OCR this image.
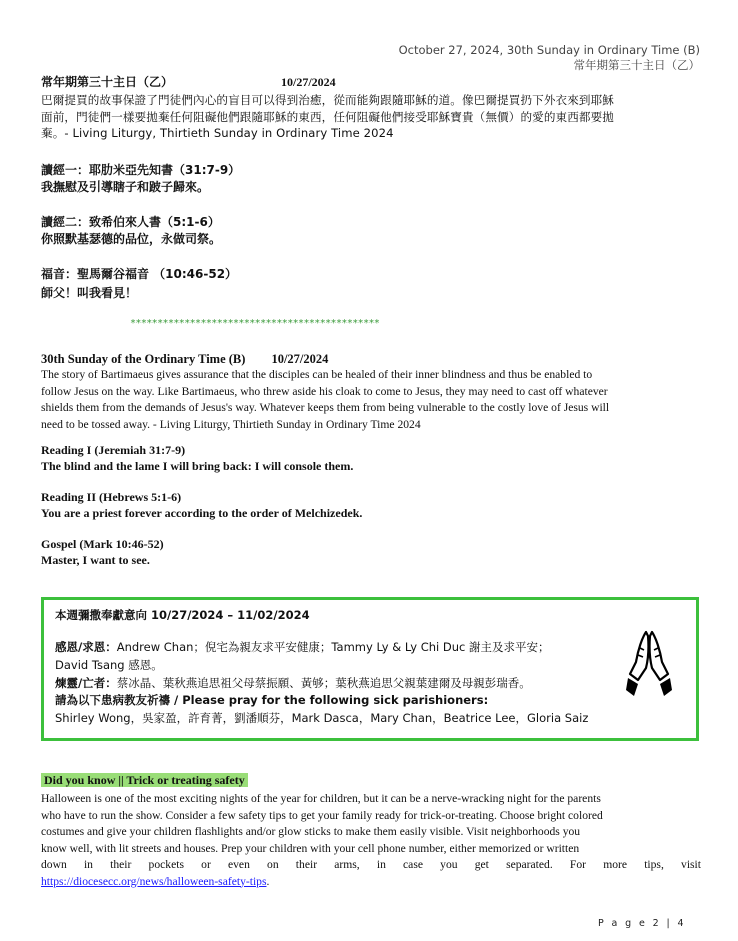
October 27, 2024, 30th Sunday in Ordinary Time (B)
常年期第三十主日（乙）
常年期第三十主日（乙）	10/27/2024
巴爾提買的故事保證了門徒們內心的盲目可以得到治癒，從而能夠跟隨耶穌的道。像巴爾提買扔下外衣來到耶穌
面前，門徒們一樣要拋棄任何阻礙他們跟隨耶穌的東西，任何阻礙他們接受耶穌寶貴（無價）的愛的東西都要拋
棄。- Living Liturgy, Thirtieth Sunday in Ordinary Time 2024
讀經一：耶肋米亞先知書（31:7-9）
我撫慰及引導瞎子和跛子歸來。
讀經二：致希伯來人書（5:1-6）
你照默基瑟德的品位，永做司祭。
福音：聖馬爾谷福音 （10:46-52）
師父！叫我看見！
**********************************************
30th Sunday of the Ordinary Time (B) 10/27/2024
The story of Bartimaeus gives assurance that the disciples can be healed of their inner blindness and thus be enabled to
follow Jesus on the way. Like Bartimaeus, who threw aside his cloak to come to Jesus, they may need to cast off whatever
shields them from the demands of Jesus's way. Whatever keeps them from being vulnerable to the costly love of Jesus will
need to be tossed away. - Living Liturgy, Thirtieth Sunday in Ordinary Time 2024
Reading I (Jeremiah 31:7-9)
The blind and the lame I will bring back: I will console them.
Reading II (Hebrews 5:1-6)
You are a priest forever according to the order of Melchizedek.
Gospel (Mark 10:46-52)
Master, I want to see.
本週彌撒奉獻意向 10/27/2024 – 11/02/2024
感恩/求恩：Andrew Chan；倪宅為親友求平安健康；Tammy Ly & Ly Chi Duc 謝主及求平安；
David Tsang 感恩。
煉靈/亡者：蔡冰晶、葉秋燕追思祖父母蔡振願、黃够；葉秋燕追思父親葉建爾及母親彭瑞香。
請為以下患病教友祈禱 / Please pray for the following sick parishioners:
Shirley Wong，吳家盈，許育菁，劉潘順芬，Mark Dasca，Mary Chan，Beatrice Lee，Gloria Saiz
Did you know || Trick or treating safety
Halloween is one of the most exciting nights of the year for children, but it can be a nerve-wracking night for the parents
who have to run the show. Consider a few safety tips to get your family ready for trick-or-treating. Choose bright colored
costumes and give your children flashlights and/or glow sticks to make them easily visible. Visit neighborhoods you
know well, with lit streets and houses. Prep your children with your cell phone number, either memorized or written
down in their pockets or even on their arms, in case you get separated. For more tips, visit
https://diocesecc.org/news/halloween-safety-tips.
P a g e 2 | 4
